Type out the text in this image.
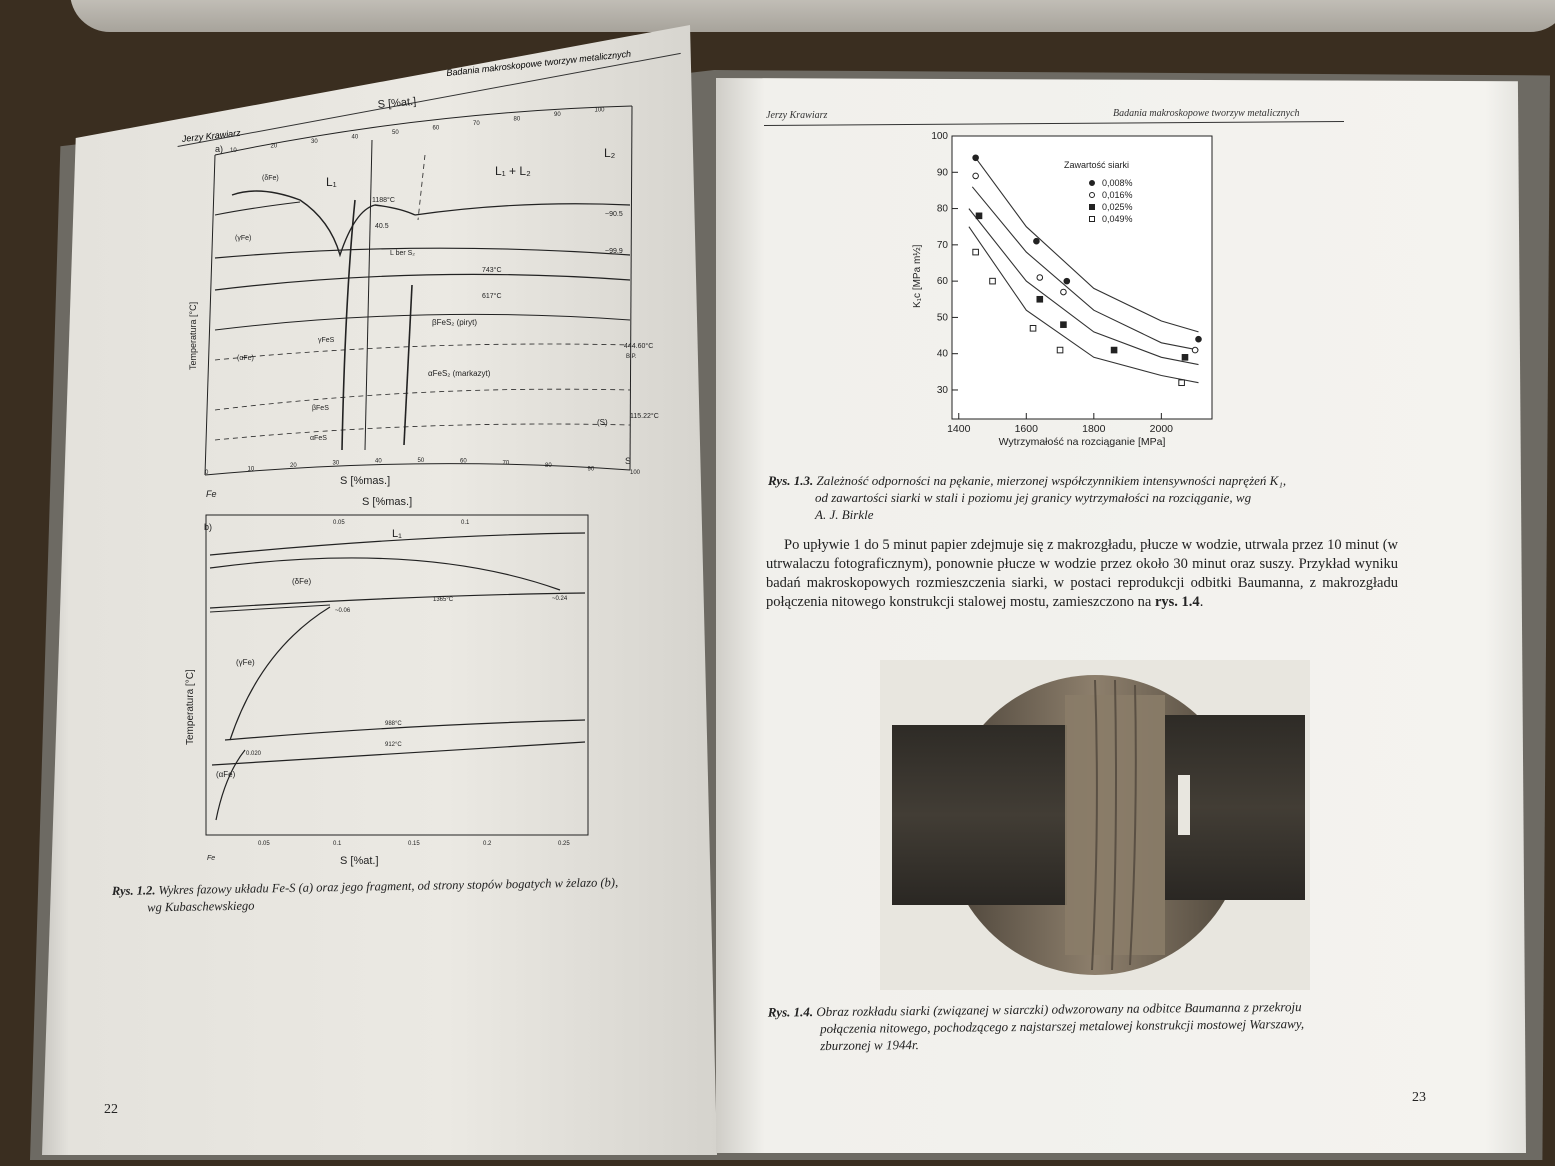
Jerzy Krawiarz
Badania makroskopowe tworzyw metalicznych
a)
S [%at.]
L₁
L₁ + L₂
L₂
(δFe)
(γFe)
(αFe)
743°C
617°C
1188°C
~90.5
~99.9
40.5
L ber S₂
γFeS
βFeS
αFeS
βFeS₂ (piryt)
αFeS₂ (markazyt)
444.60°C
B.P.
115.22°C
(S)
Temperatura [°C]
S [%mas.]
Fe
S
b)
S [%mas.]
L₁
(δFe)
(γFe)
(αFe)
1365°C	~0.24
~0.06
988°C
912°C
0.020
Temperatura [°C]
S [%at.]
Fe
0.05	0.1	0.15	0.2	0.25
0.05	0.1
0
10
20	30	40	50	60	70	80
90
100
10
20
30
40
50
60
70
80
90
100
Rys. 1.2. Wykres fazowy układu Fe-S (a) oraz jego fragment, od strony stopów bogatych w żelazo (b),
wg Kubaschewskiego
22
Jerzy Krawiarz	Badania makroskopowe tworzyw metalicznych
30
40
50
60
70
80
90
100
1400	1600	1800	2000
Zawartość siarki
0,008%
0,016%
0,025%
0,049%
K₁c [MPa m½]
Wytrzymałość na rozciąganie [MPa]
Rys. 1.3. Zależność odporności na pękanie, mierzonej współczynnikiem intensywności naprężeń K₁,
od zawartości siarki w stali i poziomu jej granicy wytrzymałości na rozciąganie, wg
A. J. Birkle
Po upływie 1 do 5 minut papier zdejmuje się z makrozgładu, płucze w wodzie, utrwala przez 10 minut (w utrwalaczu fotograficznym), ponownie płucze w wodzie przez około 30 minut oraz suszy. Przykład wyniku badań makroskopowych rozmieszczenia siarki, w postaci reprodukcji odbitki Baumanna, z makrozgładu połączenia nitowego konstrukcji stalowej mostu, zamieszczono na rys. 1.4.
Rys. 1.4. Obraz rozkładu siarki (związanej w siarczki) odwzorowany na odbitce Baumanna z przekroju
połączenia nitowego, pochodzącego z najstarszej metalowej konstrukcji mostowej Warszawy,
zburzonej w 1944r.
23
